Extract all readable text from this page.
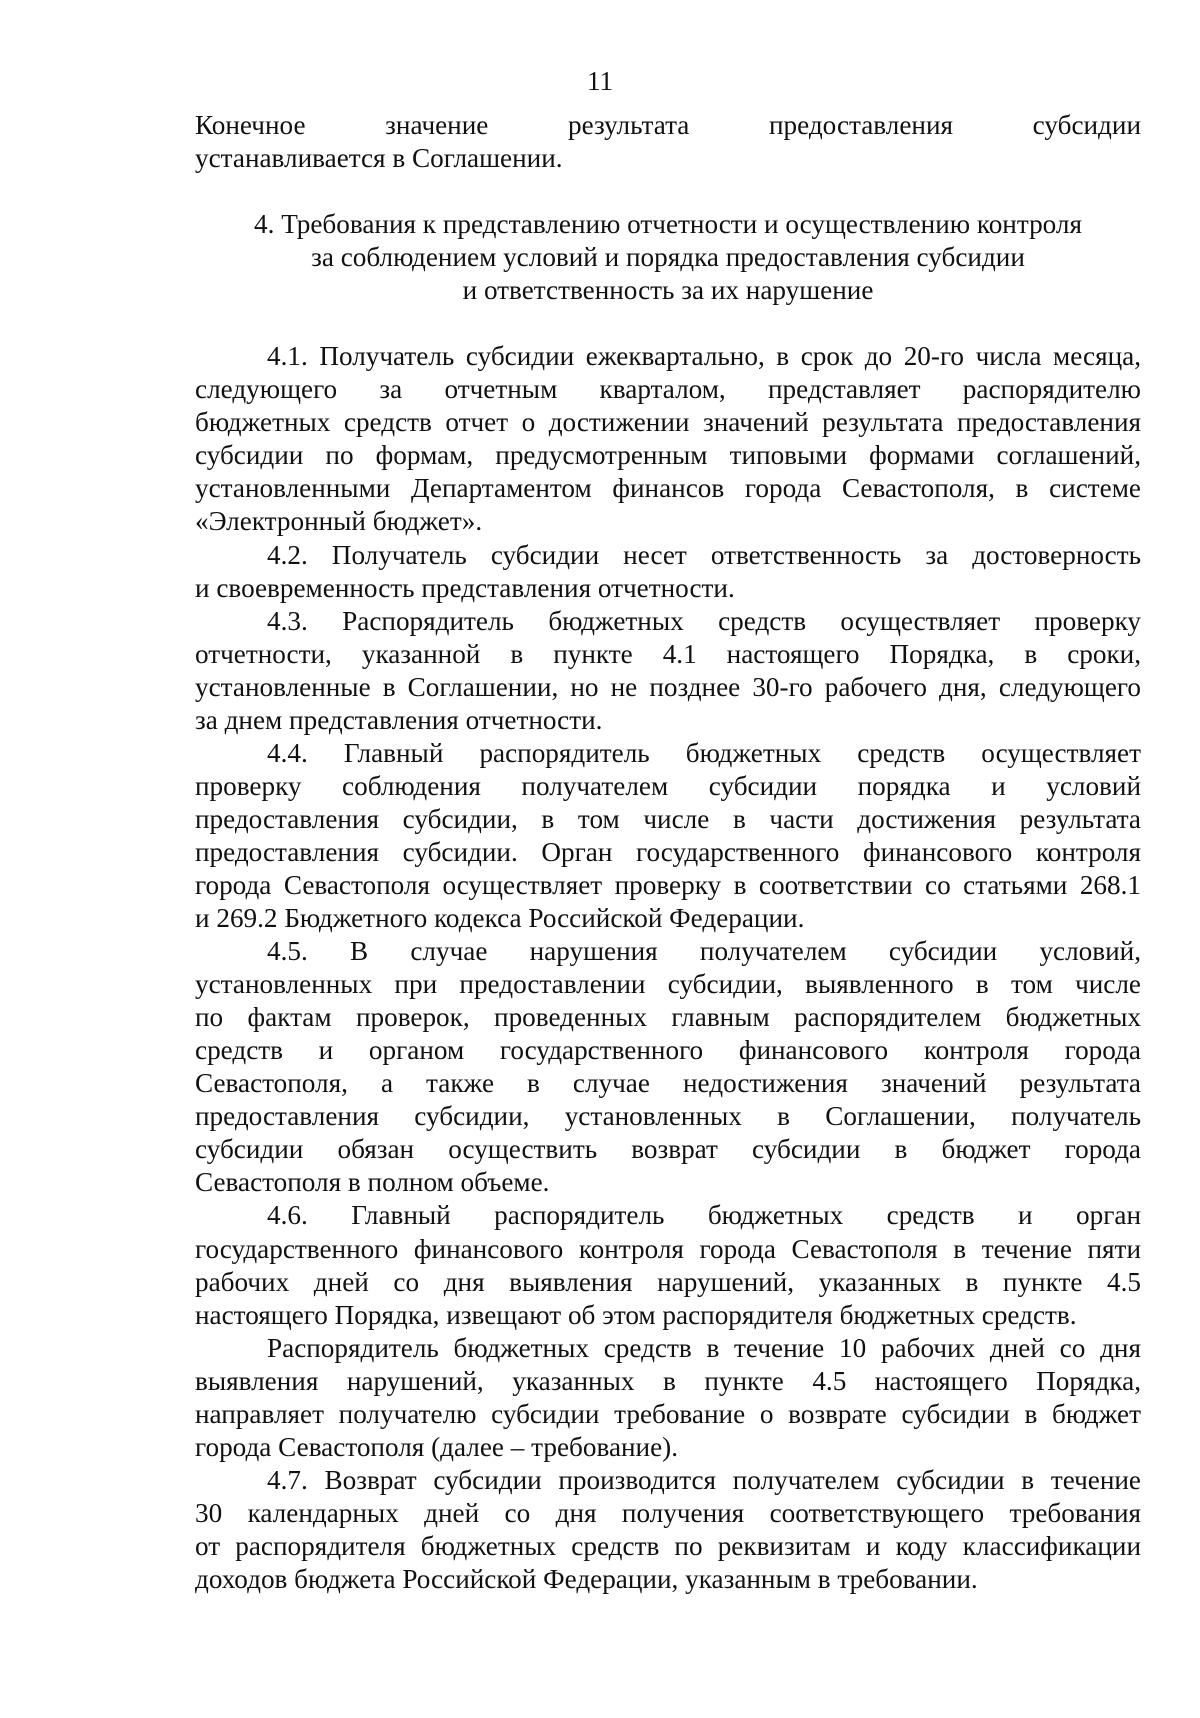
11

Конечное значение результата предоставления субсидии

устанавливается в Соглашении.

4. Требования к представлению отчетности и осуществлению контроля
за соблюдением условий и порядка предоставления субсидии
и ответственность за их нарушение

4.1. Получатель субсидии ежеквартально, в срок до 20-го числа месяца,

следующего за отчетным кварталом, представляет распорядителю

бюджетных средств отчет о достижении значений результата предоставления

субсидии по формам, предусмотренным типовыми формами соглашений,

установленными Департаментом финансов города Севастополя, в системе

«Электронный бюджет».

4.2. Получатель субсидии несет ответственность за достоверность

и своевременность представления отчетности.

4.3. Распорядитель бюджетных средств осуществляет проверку

отчетности, указанной в пункте 4.1 настоящего Порядка, в сроки,

установленные в Соглашении, но не позднее 30-го рабочего дня, следующего

за днем представления отчетности.

4.4. Главный распорядитель бюджетных средств осуществляет

проверку соблюдения получателем субсидии порядка и условий

предоставления субсидии, в том числе в части достижения результата

предоставления субсидии. Орган государственного финансового контроля

города Севастополя осуществляет проверку в соответствии со статьями 268.1

и 269.2 Бюджетного кодекса Российской Федерации.

4.5. В случае нарушения получателем субсидии условий,

установленных при предоставлении субсидии, выявленного в том числе

по фактам проверок, проведенных главным распорядителем бюджетных

средств и органом государственного финансового контроля города

Севастополя, а также в случае недостижения значений результата

предоставления субсидии, установленных в Соглашении, получатель

субсидии обязан осуществить возврат субсидии в бюджет города

Севастополя в полном объеме.

4.6. Главный распорядитель бюджетных средств и орган

государственного финансового контроля города Севастополя в течение пяти

рабочих дней со дня выявления нарушений, указанных в пункте 4.5

настоящего Порядка, извещают об этом распорядителя бюджетных средств.

Распорядитель бюджетных средств в течение 10 рабочих дней со дня

выявления нарушений, указанных в пункте 4.5 настоящего Порядка,

направляет получателю субсидии требование о возврате субсидии в бюджет

города Севастополя (далее – требование).

4.7. Возврат субсидии производится получателем субсидии в течение

30 календарных дней со дня получения соответствующего требования

от распорядителя бюджетных средств по реквизитам и коду классификации

доходов бюджета Российской Федерации, указанным в требовании.
